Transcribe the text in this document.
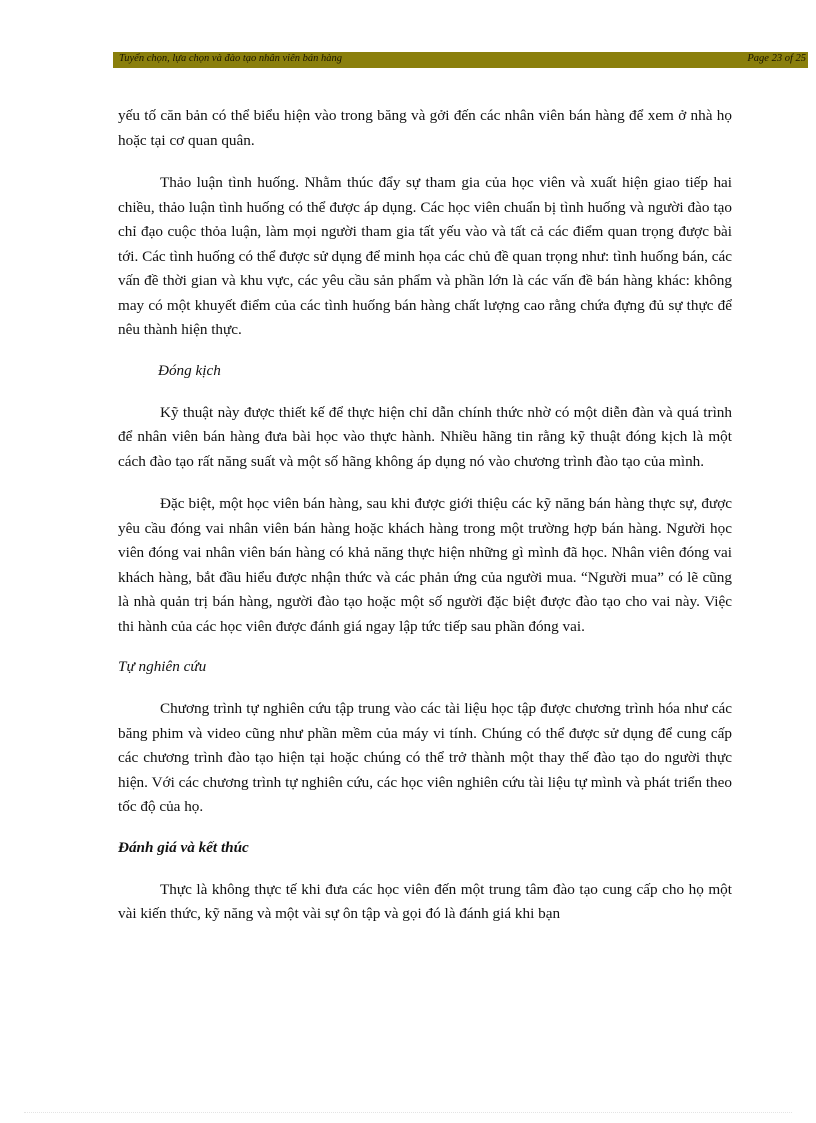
Tuyển chọn, lựa chọn và đào tạo nhân viên bán hàng	Page 23 of 25

yếu tố căn bản có thể biểu hiện vào trong băng và gởi đến các nhân viên bán hàng để xem ở nhà họ hoặc tại cơ quan quân.

Thảo luận tình huống. Nhằm thúc đẩy sự tham gia của học viên và xuất hiện giao tiếp hai chiều, thảo luận tình huống có thể được áp dụng. Các học viên chuẩn bị tình huống và người đào tạo chỉ đạo cuộc thỏa luận, làm mọi người tham gia tất yếu vào và tất cả các điểm quan trọng được bài tới. Các tình huống có thể được sử dụng để minh họa các chủ đề quan trọng như: tình huống bán, các vấn đề thời gian và khu vực, các yêu cầu sản phẩm và phần lớn là các vấn đề bán hàng khác: không may có một khuyết điểm của các tình huống bán hàng chất lượng cao rằng chứa đựng đủ sự thực để nêu thành hiện thực.

Đóng kịch

Kỹ thuật này được thiết kế để thực hiện chỉ dẫn chính thức nhờ có một diễn đàn và quá trình để nhân viên bán hàng đưa bài học vào thực hành. Nhiều hãng tin rằng kỹ thuật đóng kịch là một cách đào tạo rất năng suất và một số hãng không áp dụng nó vào chương trình đào tạo của mình.

Đặc biệt, một học viên bán hàng, sau khi được giới thiệu các kỹ năng bán hàng thực sự, được yêu cầu đóng vai nhân viên bán hàng hoặc khách hàng trong một trường hợp bán hàng. Người học viên đóng vai nhân viên bán hàng có khả năng thực hiện những gì mình đã học. Nhân viên đóng vai khách hàng, bắt đầu hiểu được nhận thức và các phản ứng của người mua. “Người mua” có lẽ cũng là nhà quản trị bán hàng, người đào tạo hoặc một số người đặc biệt được đào tạo cho vai này. Việc thi hành của các học viên được đánh giá ngay lập tức tiếp sau phần đóng vai.

Tự nghiên cứu

Chương trình tự nghiên cứu tập trung vào các tài liệu học tập được chương trình hóa như các băng phim và video cũng như phần mềm của máy vi tính. Chúng có thể được sử dụng để cung cấp các chương trình đào tạo hiện tại hoặc chúng có thể trở thành một thay thế đào tạo do người thực hiện. Với các chương trình tự nghiên cứu, các học viên nghiên cứu tài liệu tự mình và phát triển theo tốc độ của họ.

Đánh giá và kết thúc

Thực là không thực tế khi đưa các học viên đến một trung tâm đào tạo cung cấp cho họ một vài kiến thức, kỹ năng và một vài sự ôn tập và gọi đó là đánh giá khi bạn
